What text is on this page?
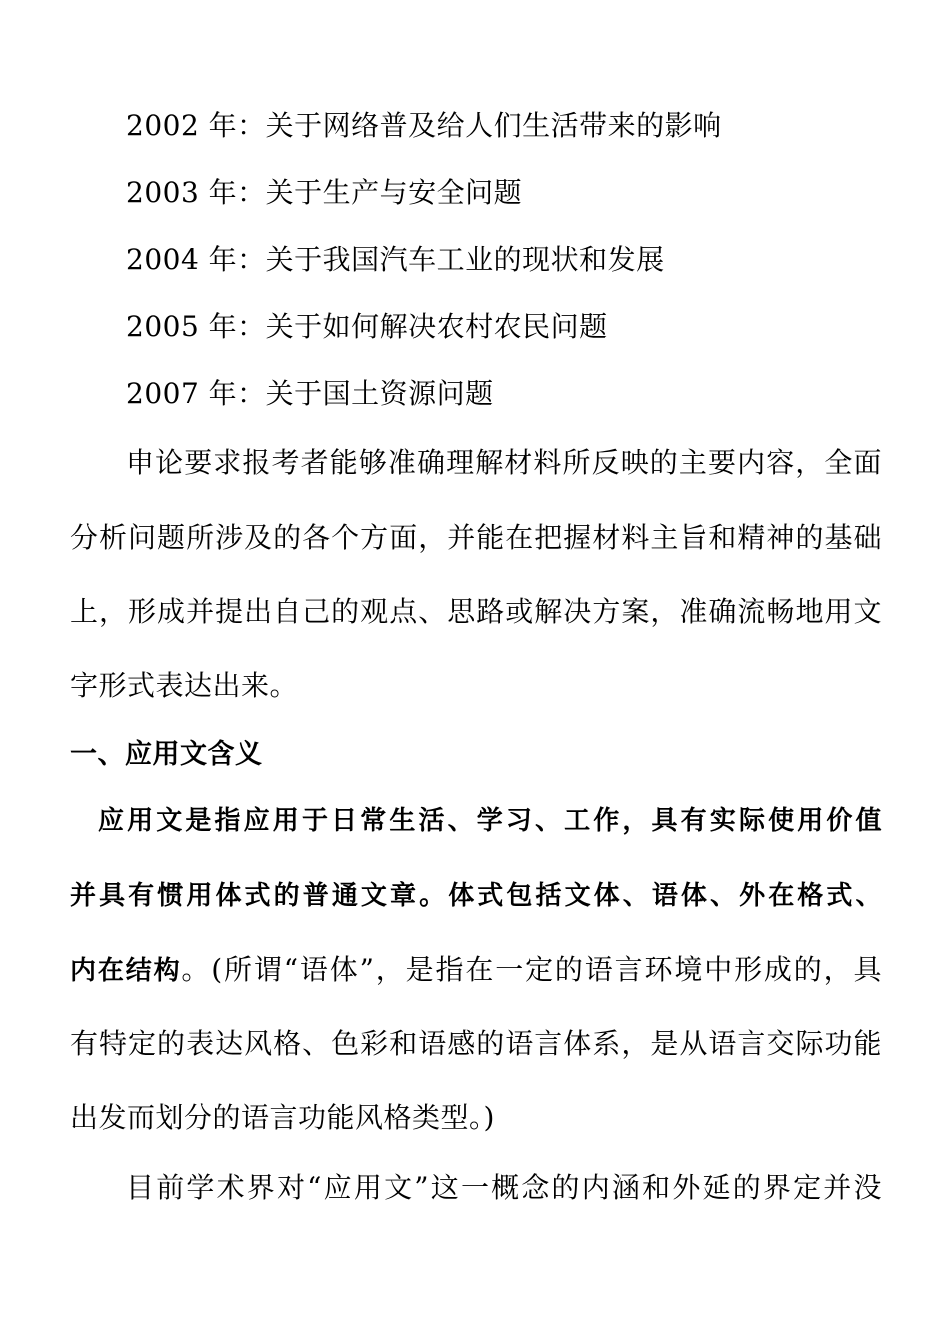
2002 年：关于网络普及给人们生活带来的影响
2003 年：关于生产与安全问题
2004 年：关于我国汽车工业的现状和发展
2005 年：关于如何解决农村农民问题
2007 年：关于国土资源问题
申论要求报考者能够准确理解材料所反映的主要内容，全面
分析问题所涉及的各个方面，并能在把握材料主旨和精神的基础
上，形成并提出自己的观点、思路或解决方案，准确流畅地用文
字形式表达出来。
一、应用文含义
应用文是指应用于日常生活、学习、工作，具有实际使用价值
并具有惯用体式的普通文章。体式包括文体、语体、外在格式、
内在结构。(所谓“语体”，是指在一定的语言环境中形成的，具
有特定的表达风格、色彩和语感的语言体系，是从语言交际功能
出发而划分的语言功能风格类型。)
目前学术界对“应用文”这一概念的内涵和外延的界定并没
